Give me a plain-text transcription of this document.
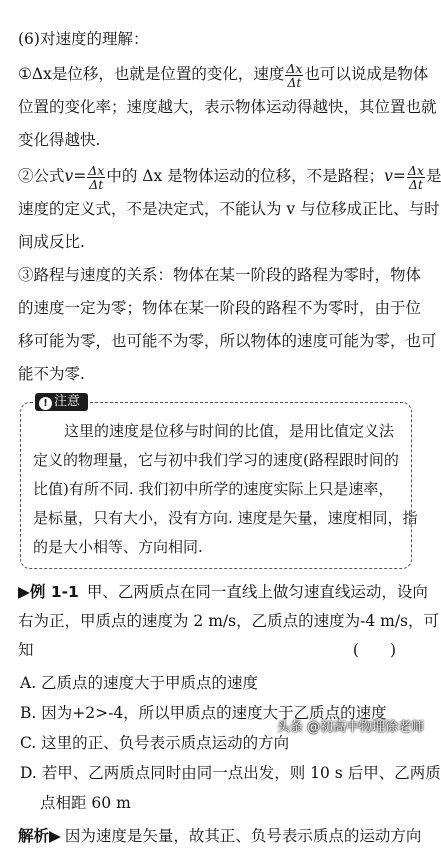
(6)对速度的理解：
①Δx是位移，也就是位置的变化，速度 $\frac{\Delta x}{\Delta t}$ 也可以说成是物体
位置的变化率；速度越大，表示物体运动得越快，其位置也就
变化得越快.
②公式$v= \frac{\Delta x}{\Delta t}$ 中的 Δx 是物体运动的位移，不是路程；$v= \frac{\Delta x}{\Delta t}$ 是
速度的定义式，不是决定式，不能认为 v 与位移成正比、与时
间成反比.
③路程与速度的关系：物体在某一阶段的路程为零时，物体
的速度一定为零；物体在某一阶段的路程不为零时，由于位
移可能为零，也可能不为零，所以物体的速度可能为零，也可
能不为零.
! 注意
这里的速度是位移与时间的比值，是用比值定义法
定义的物理量，它与初中我们学习的速度(路程跟时间的
比值)有所不同. 我们初中所学的速度实际上只是速率，
是标量，只有大小，没有方向. 速度是矢量，速度相同，指
的是大小相等、方向相同.
▶例 1-1 甲、乙两质点在同一直线上做匀速直线运动，设向
右为正，甲质点的速度为 2 m/s，乙质点的速度为-4 m/s，可
知	(　　)
A. 乙质点的速度大于甲质点的速度
B. 因为+2>-4，所以甲质点的速度大于乙质点的速度
C. 这里的正、负号表示质点运动的方向
D. 若甲、乙两质点同时由同一点出发，则 10 s 后甲、乙两质
点相距 60 m
解析▶ 因为速度是矢量，故其正、负号表示质点的运动方向
头条 @初高中物理徐老师
